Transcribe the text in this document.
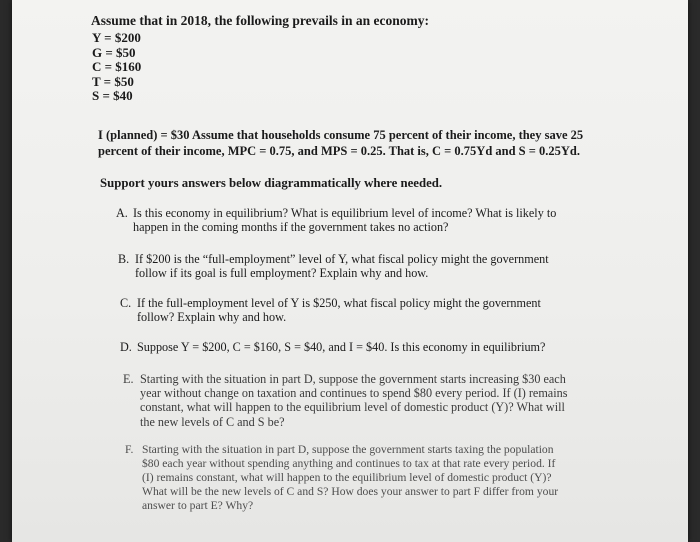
Assume that in 2018, the following prevails in an economy:
Y = $200
G = $50
C = $160
T = $50
S = $40
I (planned) = $30 Assume that households consume 75 percent of their income, they save 25
percent of their income, MPC = 0.75, and MPS = 0.25. That is, C = 0.75Yd and S = 0.25Yd.
Support yours answers below diagrammatically where needed.
A. Is this economy in equilibrium? What is equilibrium level of income? What is likely to
happen in the coming months if the government takes no action?
B. If $200 is the “full-employment” level of Y, what fiscal policy might the government
follow if its goal is full employment? Explain why and how.
C. If the full-employment level of Y is $250, what fiscal policy might the government
follow? Explain why and how.
D. Suppose Y = $200, C = $160, S = $40, and I = $40. Is this economy in equilibrium?
E. Starting with the situation in part D, suppose the government starts increasing $30 each
year without change on taxation and continues to spend $80 every period. If (I) remains
constant, what will happen to the equilibrium level of domestic product (Y)? What will
the new levels of C and S be?
F. Starting with the situation in part D, suppose the government starts taxing the population
$80 each year without spending anything and continues to tax at that rate every period. If
(I) remains constant, what will happen to the equilibrium level of domestic product (Y)?
What will be the new levels of C and S? How does your answer to part F differ from your
answer to part E? Why?
